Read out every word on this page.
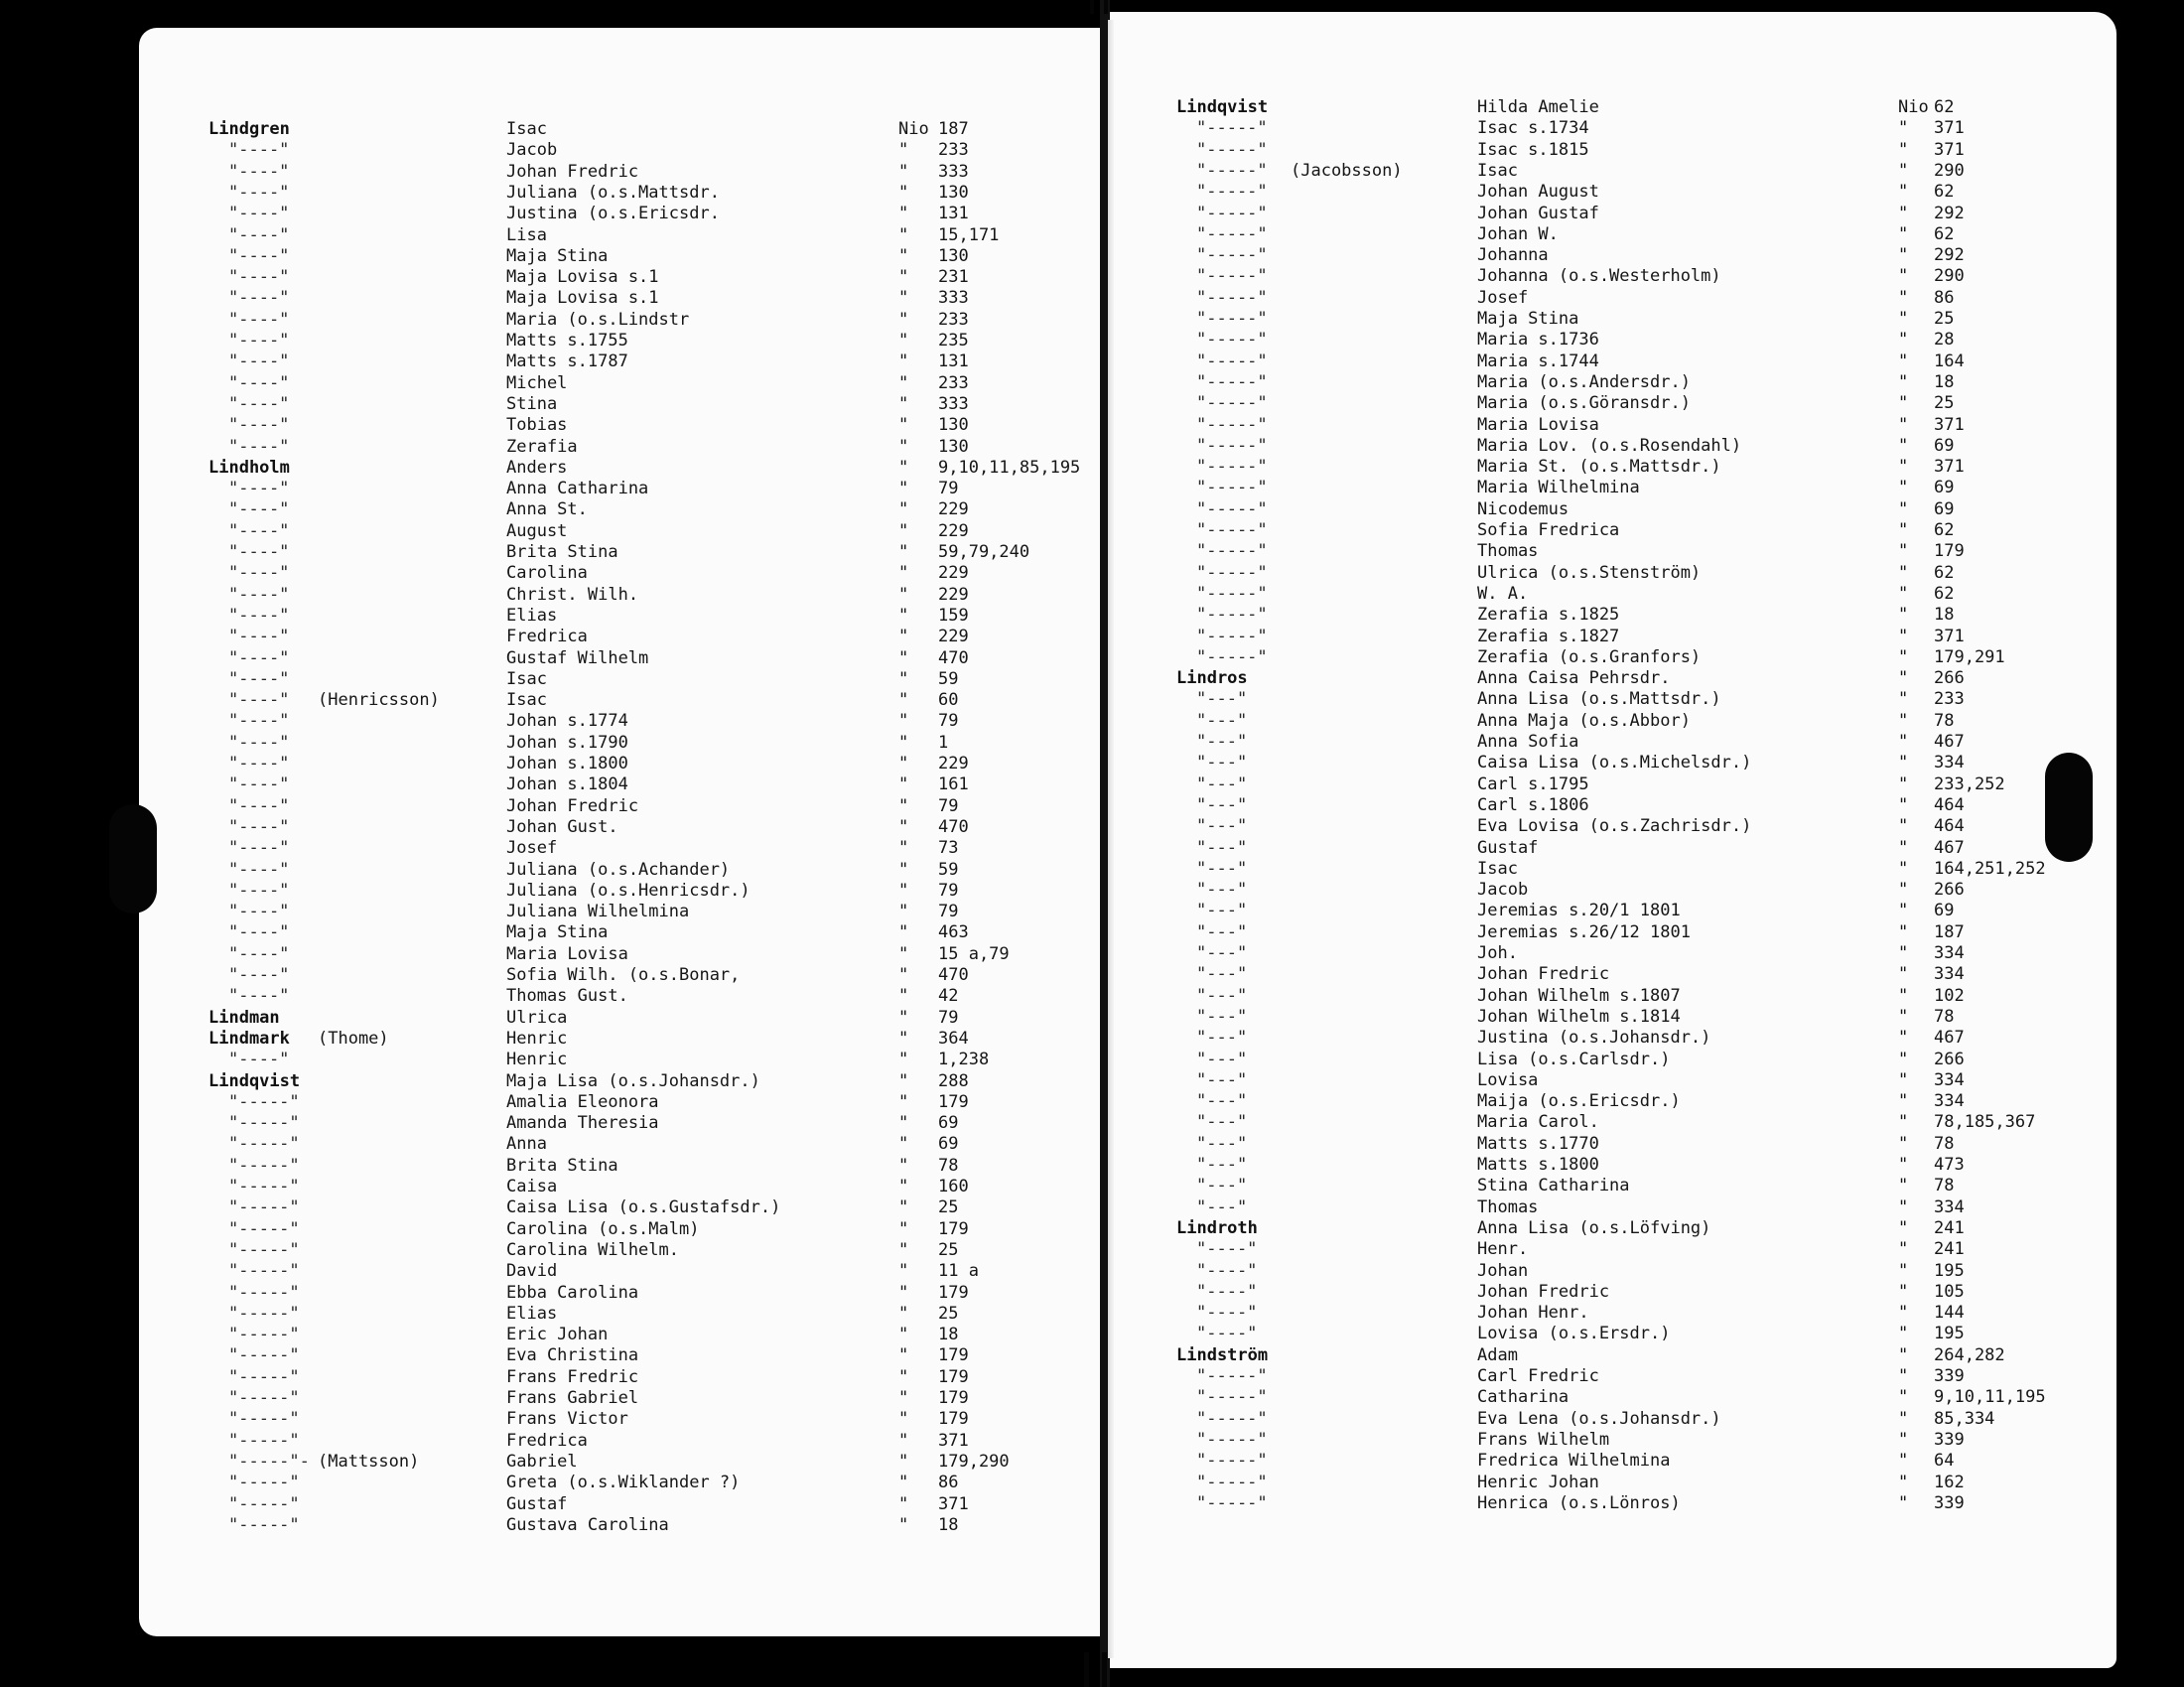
Lindgren	Isac	Nio 187
"----"	Jacob	" 233
"----"	Johan Fredric	" 333
"----"	Juliana (o.s.Mattsdr.	" 130
"----"	Justina (o.s.Ericsdr.	" 131
"----"	Lisa	" 15,171
"----"	Maja Stina	" 130
"----"	Maja Lovisa s.1	" 231
"----"	Maja Lovisa s.1	" 333
"----"	Maria (o.s.Lindstr	" 233
"----"	Matts s.1755	" 235
"----"	Matts s.1787	" 131
"----"	Michel	" 233
"----"	Stina	" 333
"----"	Tobias	" 130
"----"	Zerafia	" 130
Lindholm	Anders	" 9,10,11,85,195
"----"	Anna Catharina	" 79
"----"	Anna St.	" 229
"----"	August	" 229
"----"	Brita Stina	" 59,79,240
"----"	Carolina	" 229
"----"	Christ. Wilh.	" 229
"----"	Elias	" 159
"----"	Fredrica	" 229
"----"	Gustaf Wilhelm	" 470
"----"	Isac	" 59
"----" (Henricsson)	Isac	" 60
"----"	Johan s.1774	" 79
"----"	Johan s.1790	" 1
"----"	Johan s.1800	" 229
"----"	Johan s.1804	" 161
"----"	Johan Fredric	" 79
"----"	Johan Gust.	" 470
"----"	Josef	" 73
"----"	Juliana (o.s.Achander)	" 59
"----"	Juliana (o.s.Henricsdr.)	" 79
"----"	Juliana Wilhelmina	" 79
"----"	Maja Stina	" 463
"----"	Maria Lovisa	" 15 a,79
"----"	Sofia Wilh. (o.s.Bonar,	" 470
"----"	Thomas Gust.	" 42
Lindman	Ulrica	" 79
Lindmark (Thome)	Henric	" 364
"----"	Henric	" 1,238
Lindqvist	Maja Lisa (o.s.Johansdr.)	" 288
"-----"	Amalia Eleonora	" 179
"-----"	Amanda Theresia	" 69
"-----"	Anna	" 69
"-----"	Brita Stina	" 78
"-----"	Caisa	" 160
"-----"	Caisa Lisa (o.s.Gustafsdr.)	" 25
"-----"	Carolina (o.s.Malm)	" 179
"-----"	Carolina Wilhelm.	" 25
"-----"	David	" 11 a
"-----"	Ebba Carolina	" 179
"-----"	Elias	" 25
"-----"	Eric Johan	" 18
"-----"	Eva Christina	" 179
"-----"	Frans Fredric	" 179
"-----"	Frans Gabriel	" 179
"-----"	Frans Victor	" 179
"-----"	Fredrica	" 371
"-----"- (Mattsson)	Gabriel	" 179,290
"-----"	Greta (o.s.Wiklander ?)	" 86
"-----"	Gustaf	" 371
"-----"	Gustava Carolina	" 18
Lindqvist	Hilda Amelie	Nio 62
"-----"	Isac s.1734	" 371
"-----"	Isac s.1815	" 371
"-----" (Jacobsson)	Isac	" 290
"-----"	Johan August	" 62
"-----"	Johan Gustaf	" 292
"-----"	Johan W.	" 62
"-----"	Johanna	" 292
"-----"	Johanna (o.s.Westerholm)	" 290
"-----"	Josef	" 86
"-----"	Maja Stina	" 25
"-----"	Maria s.1736	" 28
"-----"	Maria s.1744	" 164
"-----"	Maria (o.s.Andersdr.)	" 18
"-----"	Maria (o.s.Göransdr.)	" 25
"-----"	Maria Lovisa	" 371
"-----"	Maria Lov. (o.s.Rosendahl)	" 69
"-----"	Maria St. (o.s.Mattsdr.)	" 371
"-----"	Maria Wilhelmina	" 69
"-----"	Nicodemus	" 69
"-----"	Sofia Fredrica	" 62
"-----"	Thomas	" 179
"-----"	Ulrica (o.s.Stenström)	" 62
"-----"	W. A.	" 62
"-----"	Zerafia s.1825	" 18
"-----"	Zerafia s.1827	" 371
"-----"	Zerafia (o.s.Granfors)	" 179,291
Lindros	Anna Caisa Pehrsdr.	" 266
"---"	Anna Lisa (o.s.Mattsdr.)	" 233
"---"	Anna Maja (o.s.Abbor)	" 78
"---"	Anna Sofia	" 467
"---"	Caisa Lisa (o.s.Michelsdr.)	" 334
"---"	Carl s.1795	" 233,252
"---"	Carl s.1806	" 464
"---"	Eva Lovisa (o.s.Zachrisdr.)	" 464
"---"	Gustaf	" 467
"---"	Isac	" 164,251,252
"---"	Jacob	" 266
"---"	Jeremias s.20/1 1801	" 69
"---"	Jeremias s.26/12 1801	" 187
"---"	Joh.	" 334
"---"	Johan Fredric	" 334
"---"	Johan Wilhelm s.1807	" 102
"---"	Johan Wilhelm s.1814	" 78
"---"	Justina (o.s.Johansdr.)	" 467
"---"	Lisa (o.s.Carlsdr.)	" 266
"---"	Lovisa	" 334
"---"	Maija (o.s.Ericsdr.)	" 334
"---"	Maria Carol.	" 78,185,367
"---"	Matts s.1770	" 78
"---"	Matts s.1800	" 473
"---"	Stina Catharina	" 78
"---"	Thomas	" 334
Lindroth	Anna Lisa (o.s.Löfving)	" 241
"----"	Henr.	" 241
"----"	Johan	" 195
"----"	Johan Fredric	" 105
"----"	Johan Henr.	" 144
"----"	Lovisa (o.s.Ersdr.)	" 195
Lindström	Adam	" 264,282
"-----"	Carl Fredric	" 339
"-----"	Catharina	" 9,10,11,195
"-----"	Eva Lena (o.s.Johansdr.)	" 85,334
"-----"	Frans Wilhelm	" 339
"-----"	Fredrica Wilhelmina	" 64
"-----"	Henric Johan	" 162
"-----"	Henrica (o.s.Lönros)	" 339
